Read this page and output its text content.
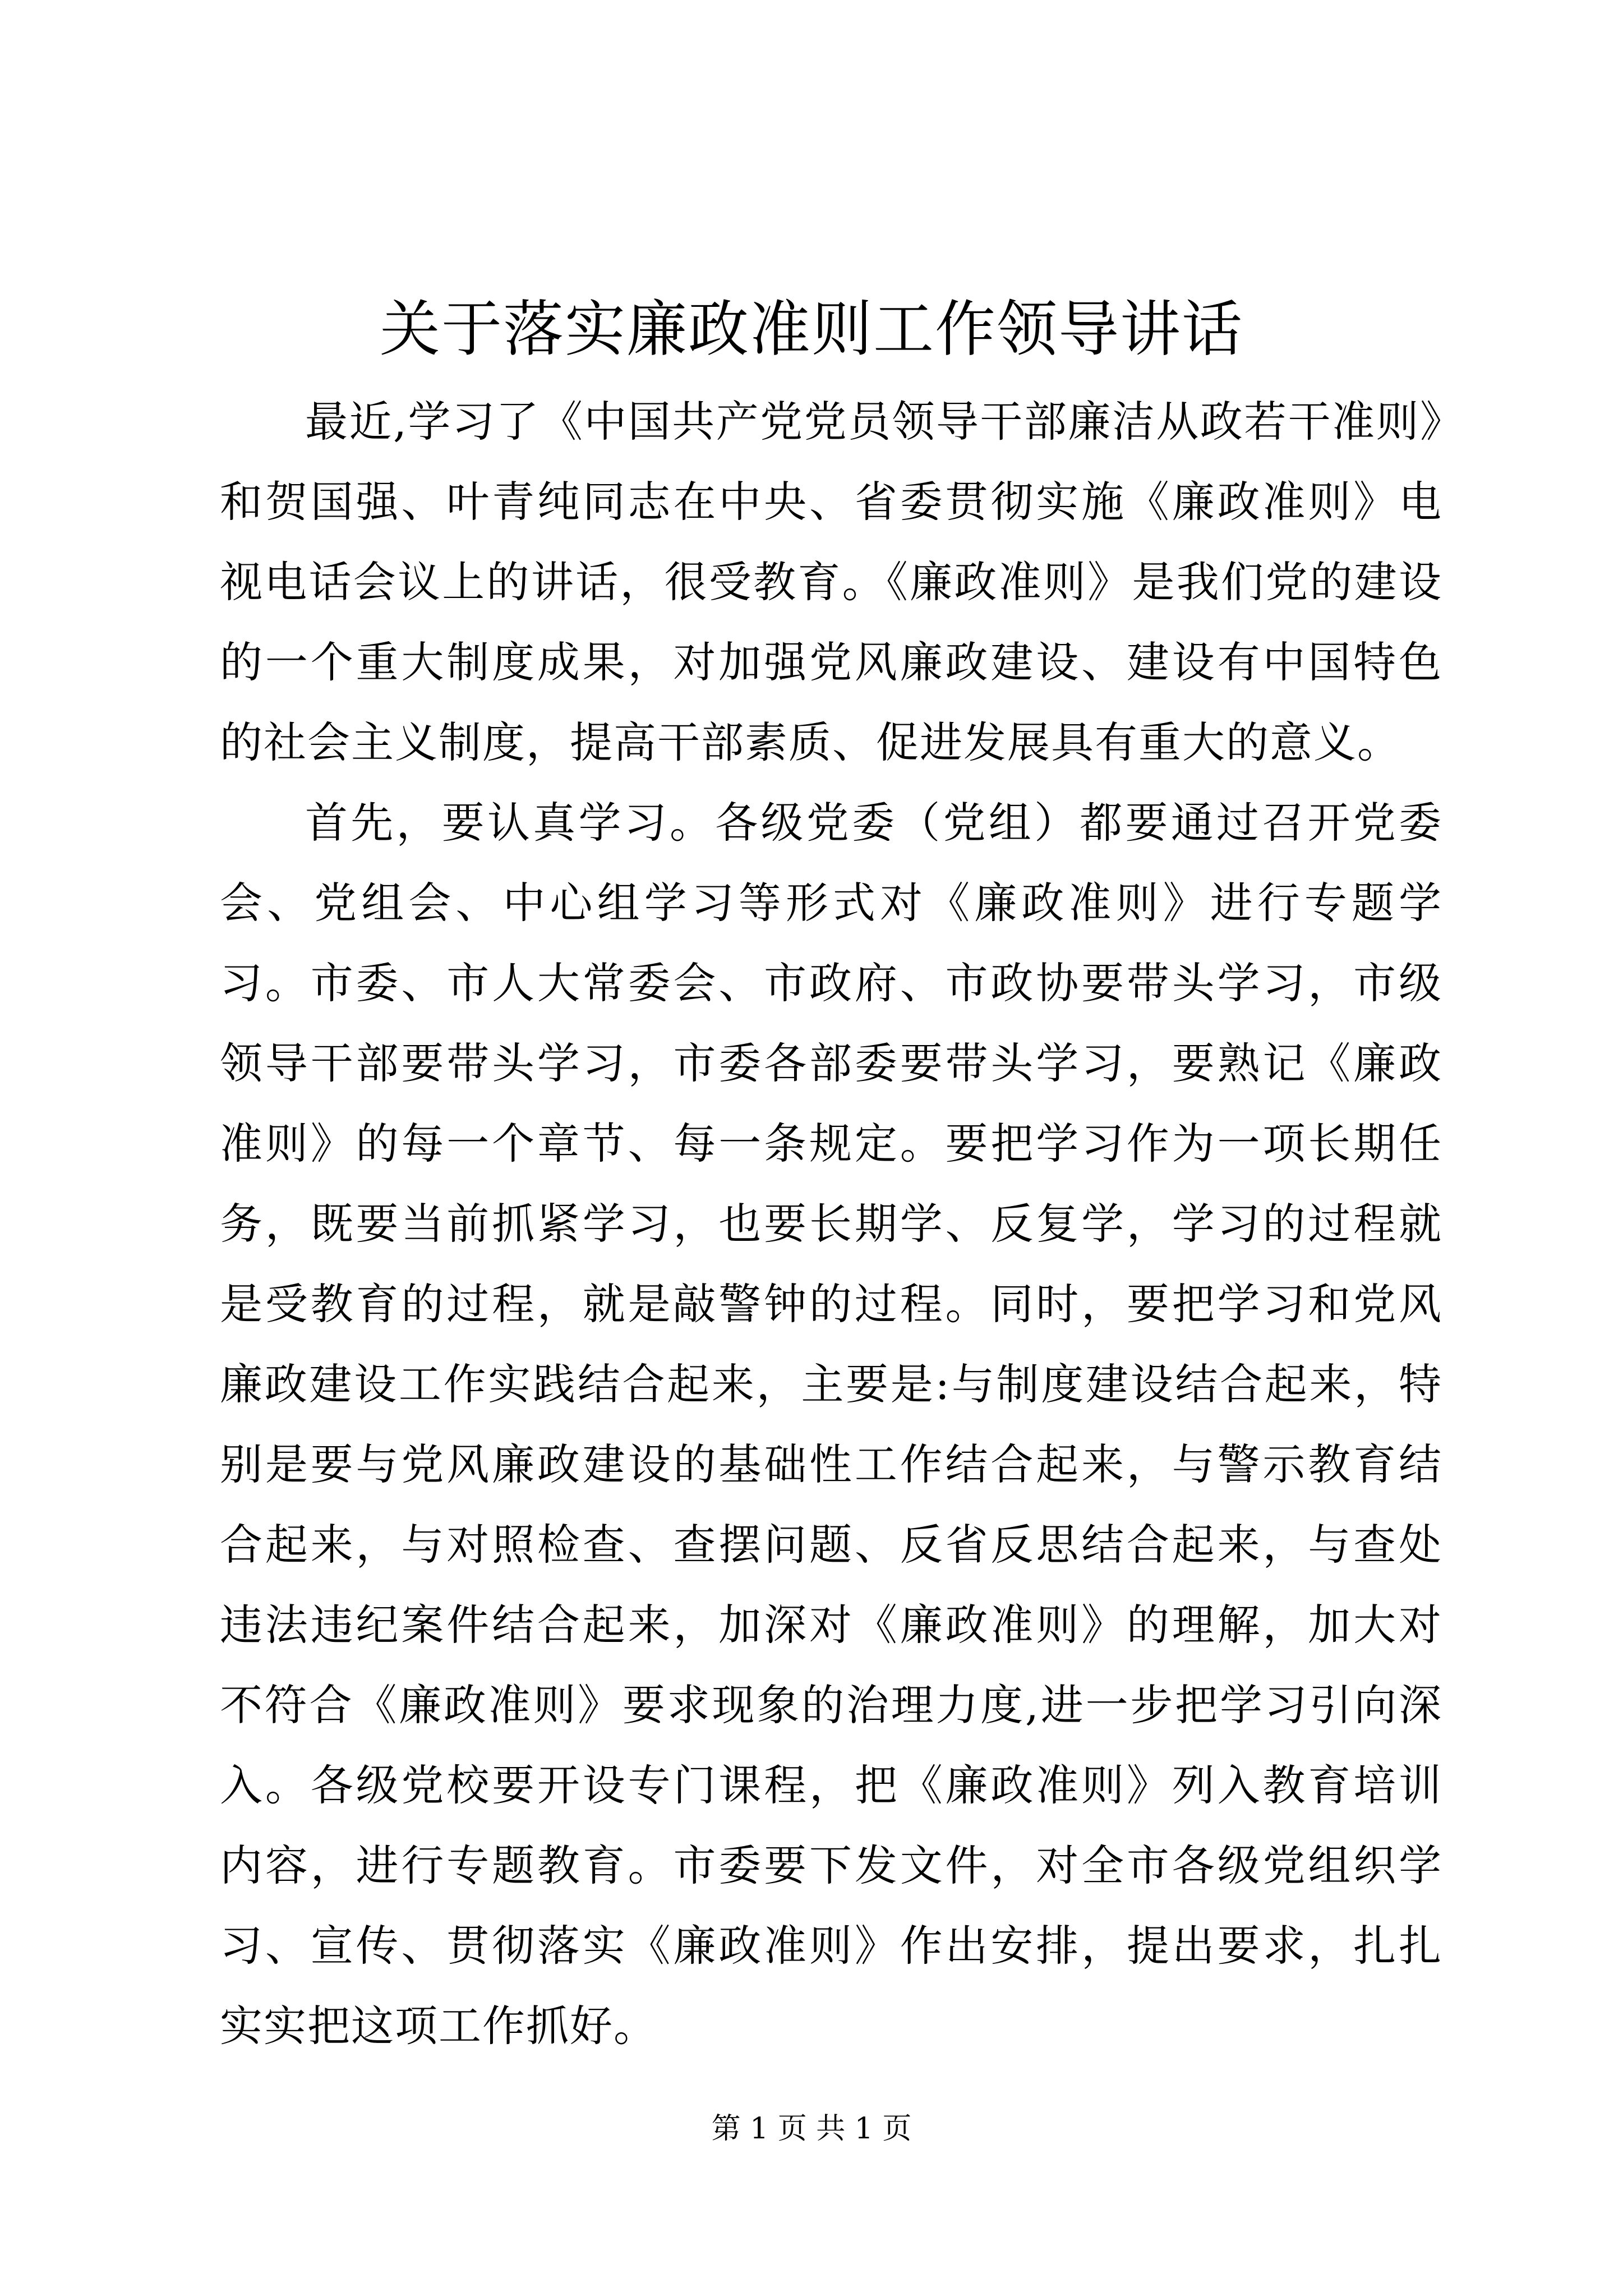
关于落实廉政准则工作领导讲话

最近,学习了《中国共产党党员领导干部廉洁从政若干准则》和贺国强、叶青纯同志在中央、省委贯彻实施《廉政准则》电视电话会议上的讲话，很受教育。《廉政准则》是我们党的建设的一个重大制度成果，对加强党风廉政建设、建设有中国特色的社会主义制度，提高干部素质、促进发展具有重大的意义。

首先，要认真学习。各级党委（党组）都要通过召开党委会、党组会、中心组学习等形式对《廉政准则》进行专题学习。市委、市人大常委会、市政府、市政协要带头学习，市级领导干部要带头学习，市委各部委要带头学习，要熟记《廉政准则》的每一个章节、每一条规定。要把学习作为一项长期任务，既要当前抓紧学习，也要长期学、反复学，学习的过程就是受教育的过程，就是敲警钟的过程。同时，要把学习和党风廉政建设工作实践结合起来，主要是:与制度建设结合起来，特别是要与党风廉政建设的基础性工作结合起来，与警示教育结合起来，与对照检查、查摆问题、反省反思结合起来，与查处违法违纪案件结合起来，加深对《廉政准则》的理解，加大对不符合《廉政准则》要求现象的治理力度,进一步把学习引向深入。各级党校要开设专门课程，把《廉政准则》列入教育培训内容，进行专题教育。市委要下发文件，对全市各级党组织学习、宣传、贯彻落实《廉政准则》作出安排，提出要求，扎扎实实把这项工作抓好。

第 1 页 共 1 页
